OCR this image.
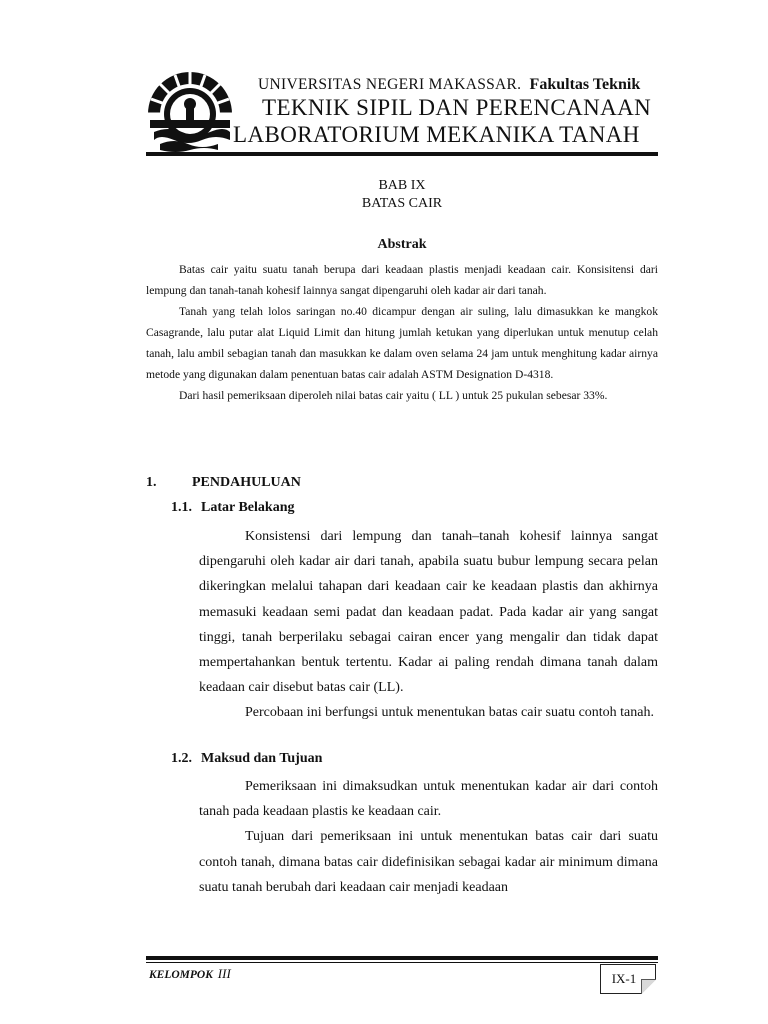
UNIVERSITAS NEGERI MAKASSAR. Fakultas Teknik
TEKNIK SIPIL DAN PERENCANAAN
LABORATORIUM MEKANIKA TANAH
BAB IX
BATAS CAIR
Abstrak

Batas cair yaitu suatu tanah berupa dari keadaan plastis menjadi keadaan cair. Konsisitensi dari lempung dan tanah-tanah kohesif lainnya sangat dipengaruhi oleh kadar air dari tanah.

Tanah yang telah lolos saringan no.40 dicampur dengan air suling, lalu dimasukkan ke mangkok Casagrande, lalu putar alat Liquid Limit dan hitung jumlah ketukan yang diperlukan untuk menutup celah tanah, lalu ambil sebagian tanah dan masukkan ke dalam oven selama 24 jam untuk menghitung kadar airnya metode yang digunakan dalam penentuan batas cair adalah ASTM Designation D-4318.

Dari hasil pemeriksaan diperoleh nilai batas cair yaitu ( LL ) untuk 25 pukulan sebesar 33%.

1.	PENDAHULUAN
1.1. Latar Belakang

Konsistensi dari lempung dan tanah–tanah kohesif lainnya sangat dipengaruhi oleh kadar air dari tanah, apabila suatu bubur lempung secara pelan dikeringkan melalui tahapan dari keadaan cair ke keadaan plastis dan akhirnya memasuki keadaan semi padat dan keadaan padat. Pada kadar air yang sangat tinggi, tanah berperilaku sebagai cairan encer yang mengalir dan tidak dapat mempertahankan bentuk tertentu. Kadar ai paling rendah dimana tanah dalam keadaan cair disebut batas cair (LL).

Percobaan ini berfungsi untuk menentukan batas cair suatu contoh tanah.

1.2. Maksud dan Tujuan

Pemeriksaan ini dimaksudkan untuk menentukan kadar air dari contoh tanah pada keadaan plastis ke keadaan cair.

Tujuan dari pemeriksaan ini untuk menentukan batas cair dari suatu contoh tanah, dimana batas cair didefinisikan sebagai kadar air minimum dimana suatu tanah berubah dari keadaan cair menjadi keadaan

KELOMPOK III	IX-1
